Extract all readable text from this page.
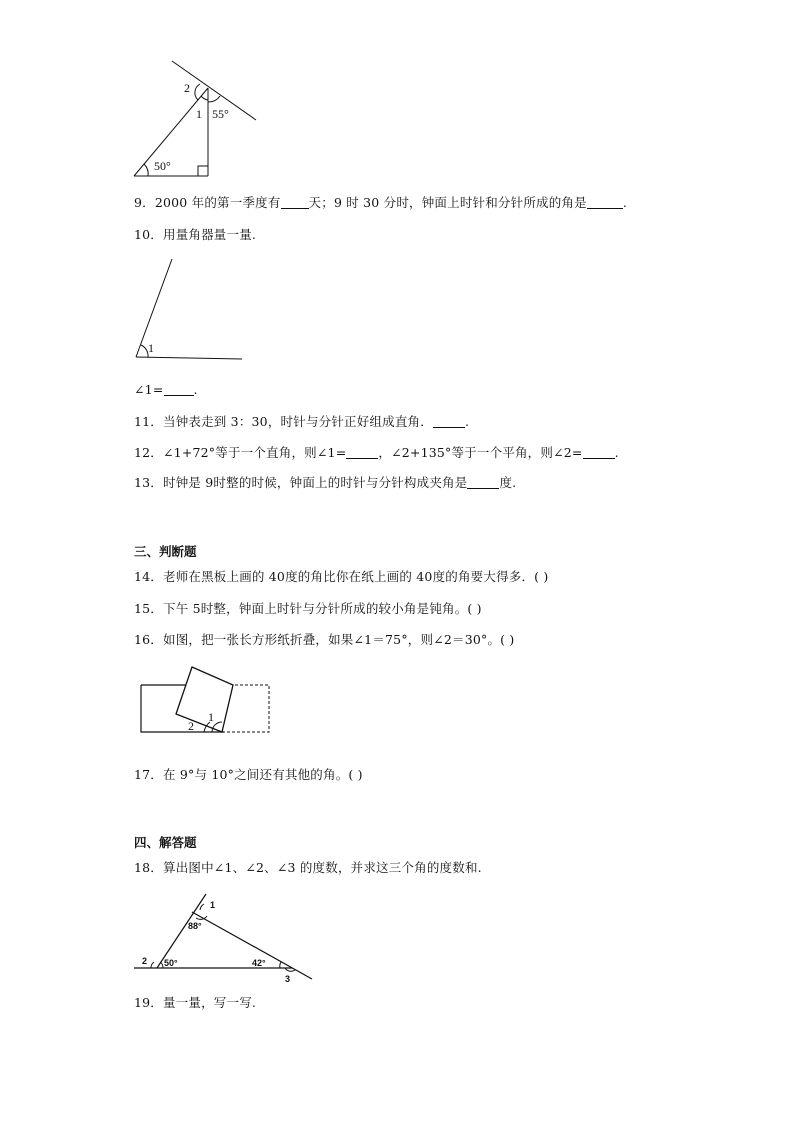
2
1 55°
50°
9．2000 年的第一季度有 天；9 时 30 分时，钟面上时针和分针所成的角是	.
10．用量角器量一量.
1
∠1= .
11．当钟表走到 3：30，时针与分针正好组成直角．	.
12．∠1+72°等于一个直角，则∠1=	，∠2+135°等于一个平角，则∠2=	.
13．时钟是 9时整的时候，钟面上的时针与分针构成夹角是	度.
三、判断题
14．老师在黑板上画的 40度的角比你在纸上画的 40度的角要大得多．( )
15．下午 5时整，钟面上时针与分针所成的较小角是钝角。( )
16．如图，把一张长方形纸折叠，如果∠1＝75°，则∠2＝30°。( )
1
2
17．在 9°与 10°之间还有其他的角。( )
四、解答题
18．算出图中∠1、∠2、∠3 的度数，并求这三个角的度数和.
1
88°
2 50°	42°
3
19．量一量，写一写.
